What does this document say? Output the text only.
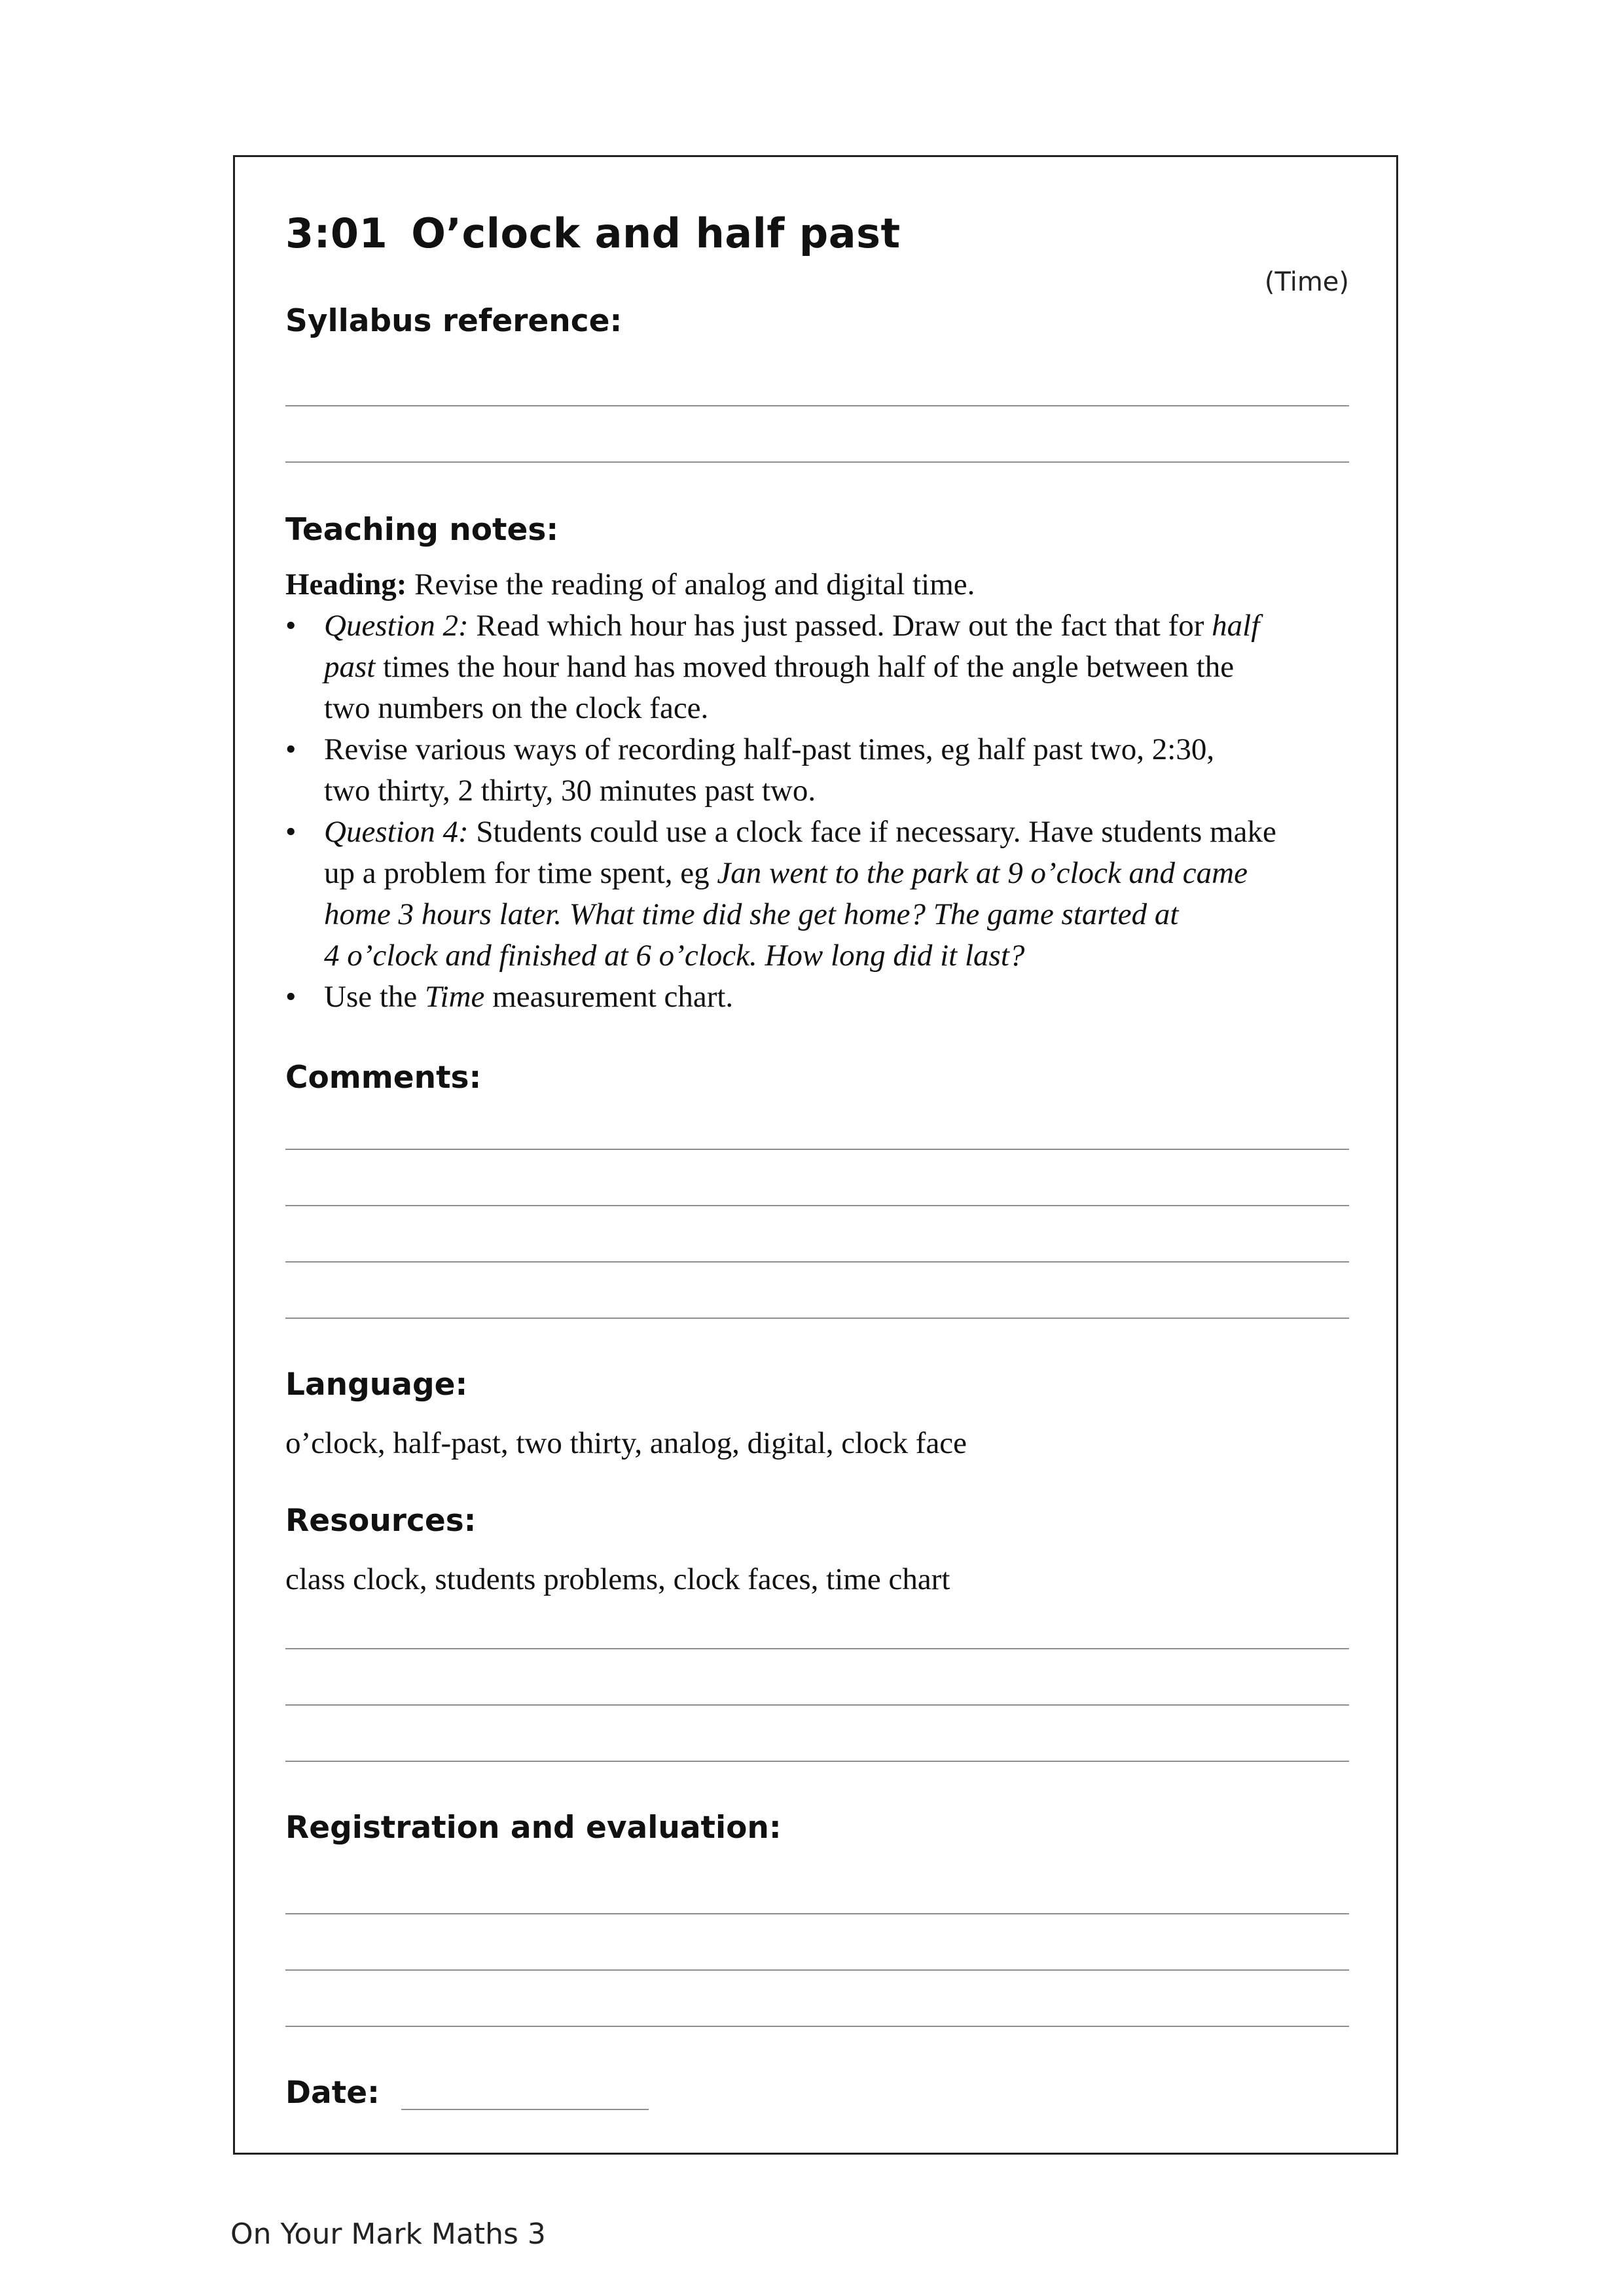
3:01 O’clock and half past
(Time)
Syllabus reference:
Teaching notes:

Heading: Revise the reading of analog and digital time.

• Question 2: Read which hour has just passed. Draw out the fact that for half
past times the hour hand has moved through half of the angle between the
two numbers on the clock face.
• Revise various ways of recording half-past times, eg half past two, 2:30,
two thirty, 2 thirty, 30 minutes past two.
• Question 4: Students could use a clock face if necessary. Have students make
up a problem for time spent, eg Jan went to the park at 9 o’clock and came
home 3 hours later. What time did she get home? The game started at
4 o’clock and finished at 6 o’clock. How long did it last?
• Use the Time measurement chart.
Comments:
Language:
o’clock, half-past, two thirty, analog, digital, clock face
Resources:
class clock, students problems, clock faces, time chart
Registration and evaluation:
Date:
On Your Mark Maths 3
